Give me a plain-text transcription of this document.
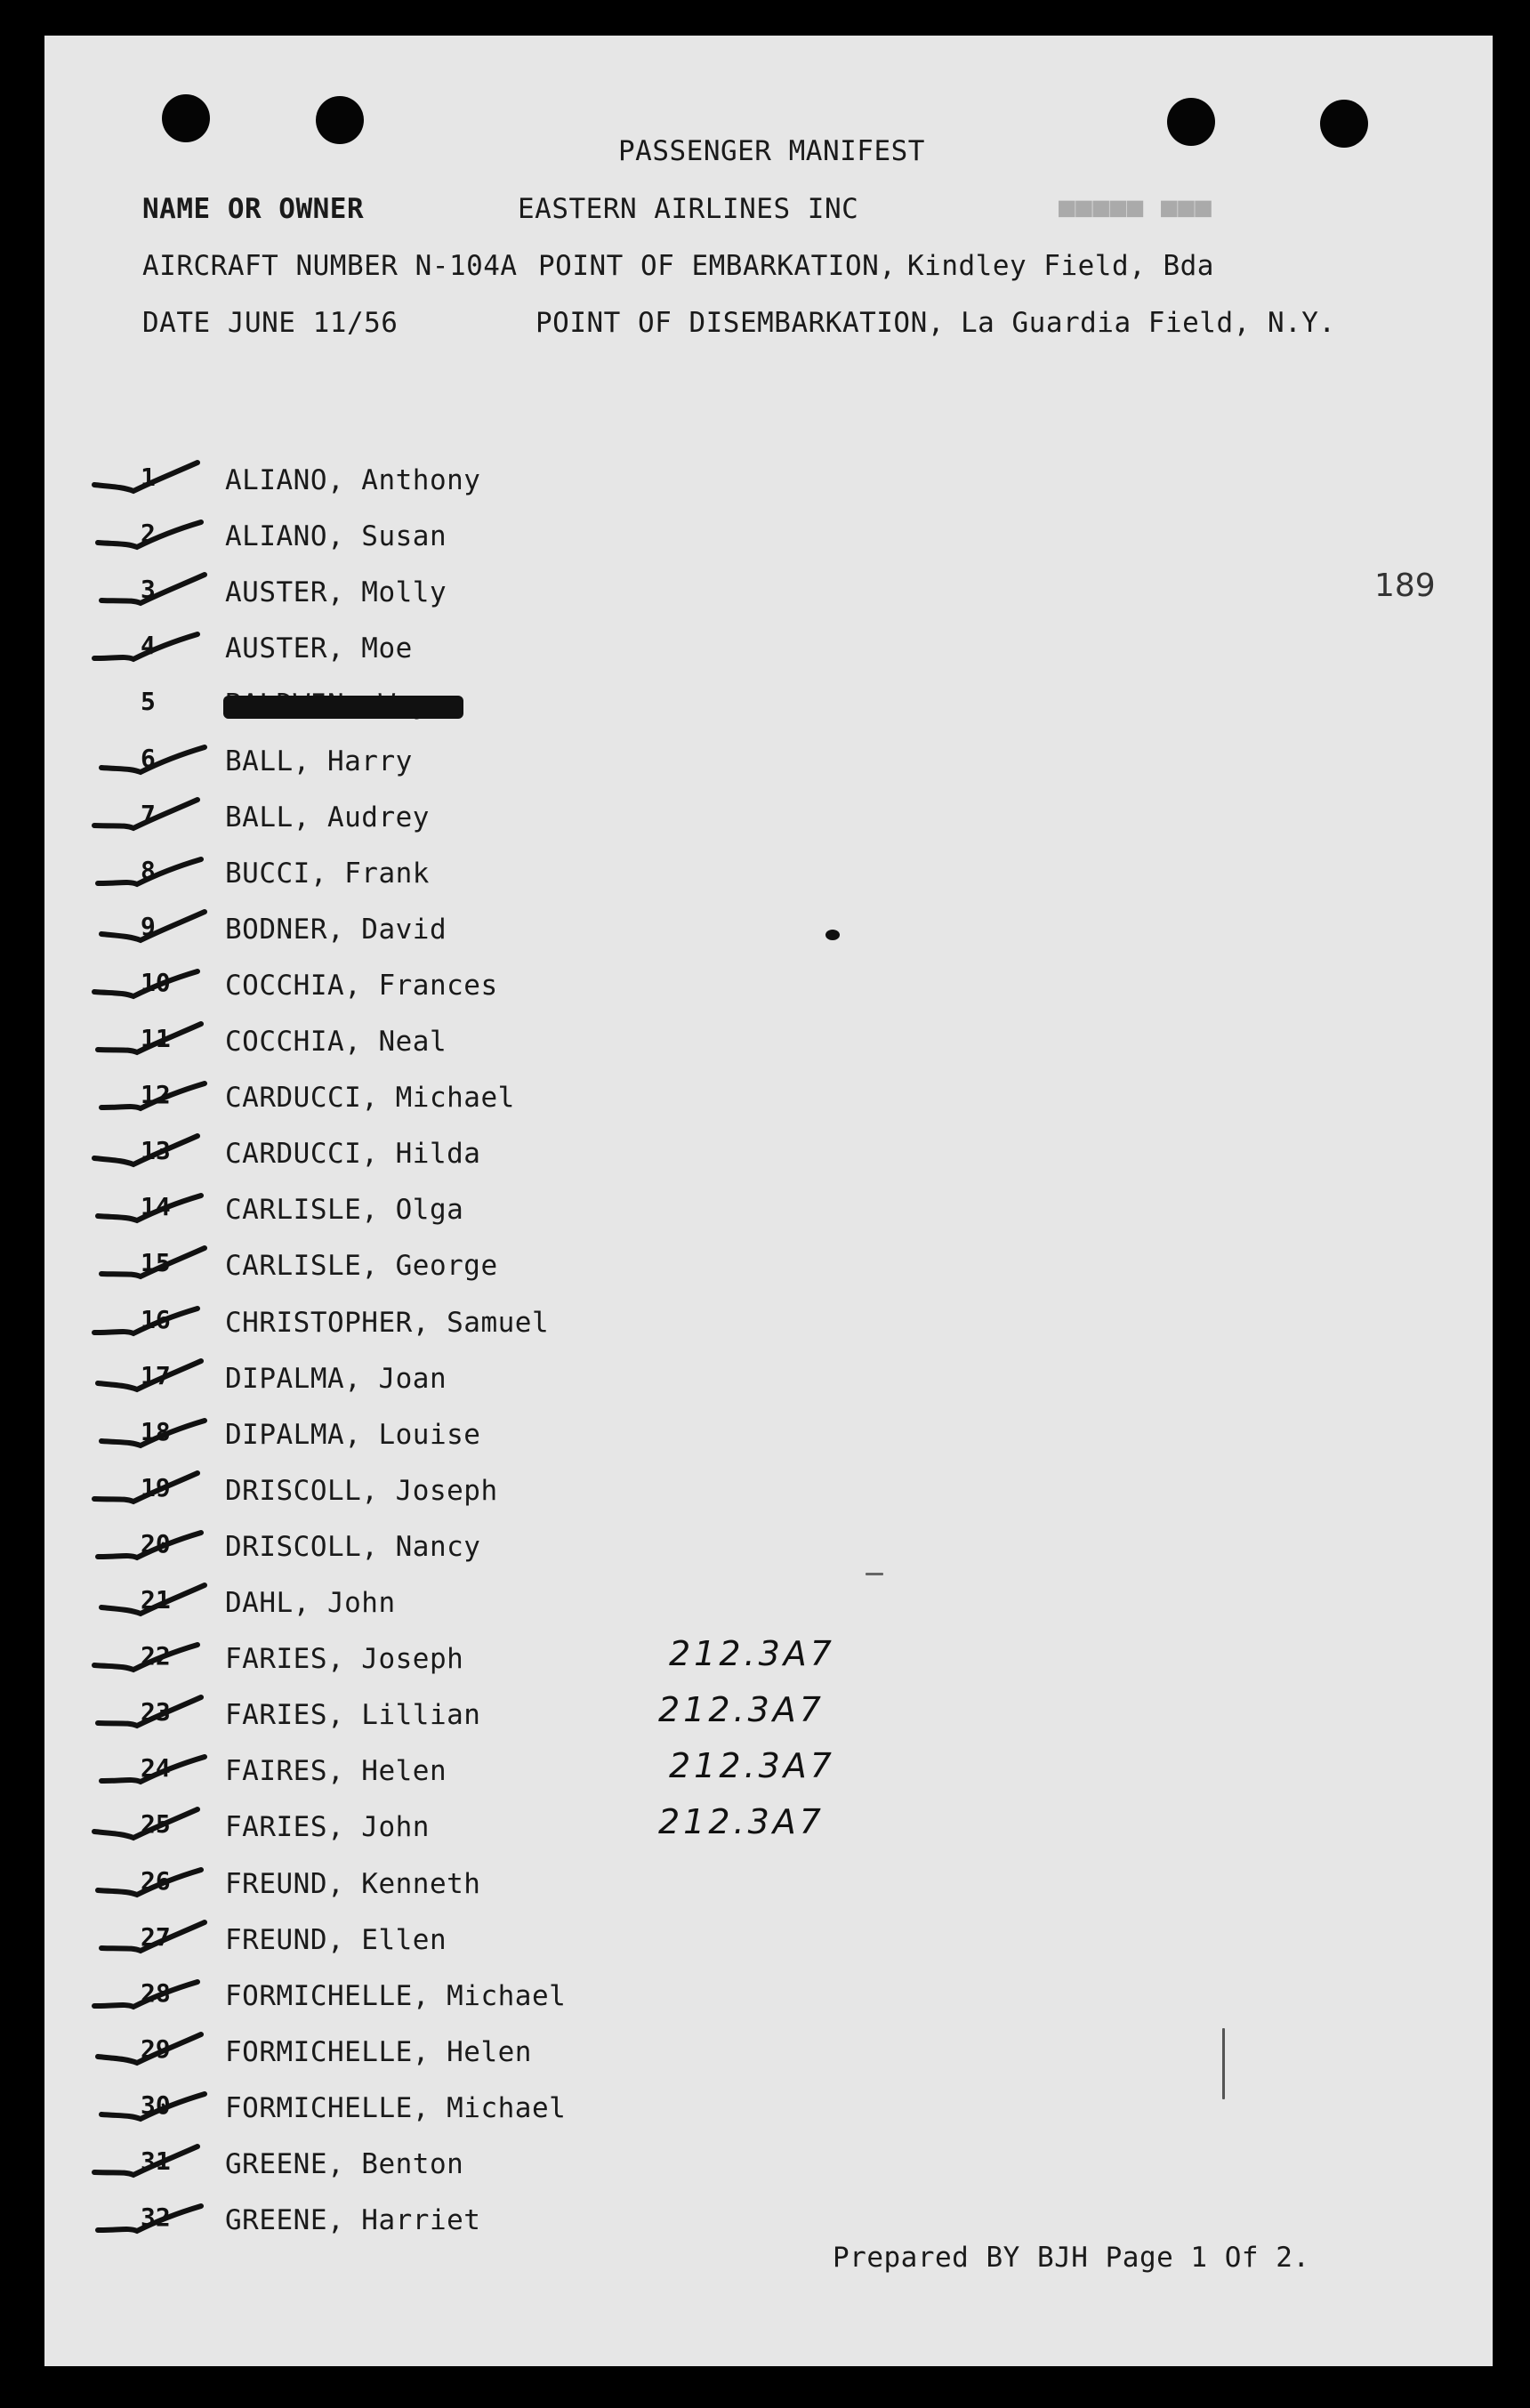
PASSENGER MANIFEST
NAME OR OWNER	EASTERN AIRLINES INC	■■■■■ ■■■
AIRCRAFT NUMBER N-104A POINT OF EMBARKATION, Kindley Field, Bda
DATE JUNE 11/56	POINT OF DISEMBARKATION, La Guardia Field, N.Y.
189
1	ALIANO, Anthony
2	ALIANO, Susan
3	AUSTER, Molly
4	AUSTER, Moe
5
6	BALL, Harry
7	BALL, Audrey
8	BUCCI, Frank
9	BODNER, David
10 COCCHIA, Frances
11 COCCHIA, Neal
12 CARDUCCI, Michael
13 CARDUCCI, Hilda
14 CARLISLE, Olga
15 CARLISLE, George
16 CHRISTOPHER, Samuel
17 DIPALMA, Joan
18 DIPALMA, Louise
19 DRISCOLL, Joseph
20 DRISCOLL, Nancy
21 DAHL, John
22 FARIES, Joseph	212.3A7
23 FARIES, Lillian	212.3A7
24 FAIRES, Helen	212.3A7
25 FARIES, John	212.3A7
26 FREUND, Kenneth
27 FREUND, Ellen
28 FORMICHELLE, Michael
29 FORMICHELLE, Helen
30 FORMICHELLE, Michael
31 GREENE, Benton
32 GREENE, Harriet
Prepared BY BJH Page 1 Of 2.
